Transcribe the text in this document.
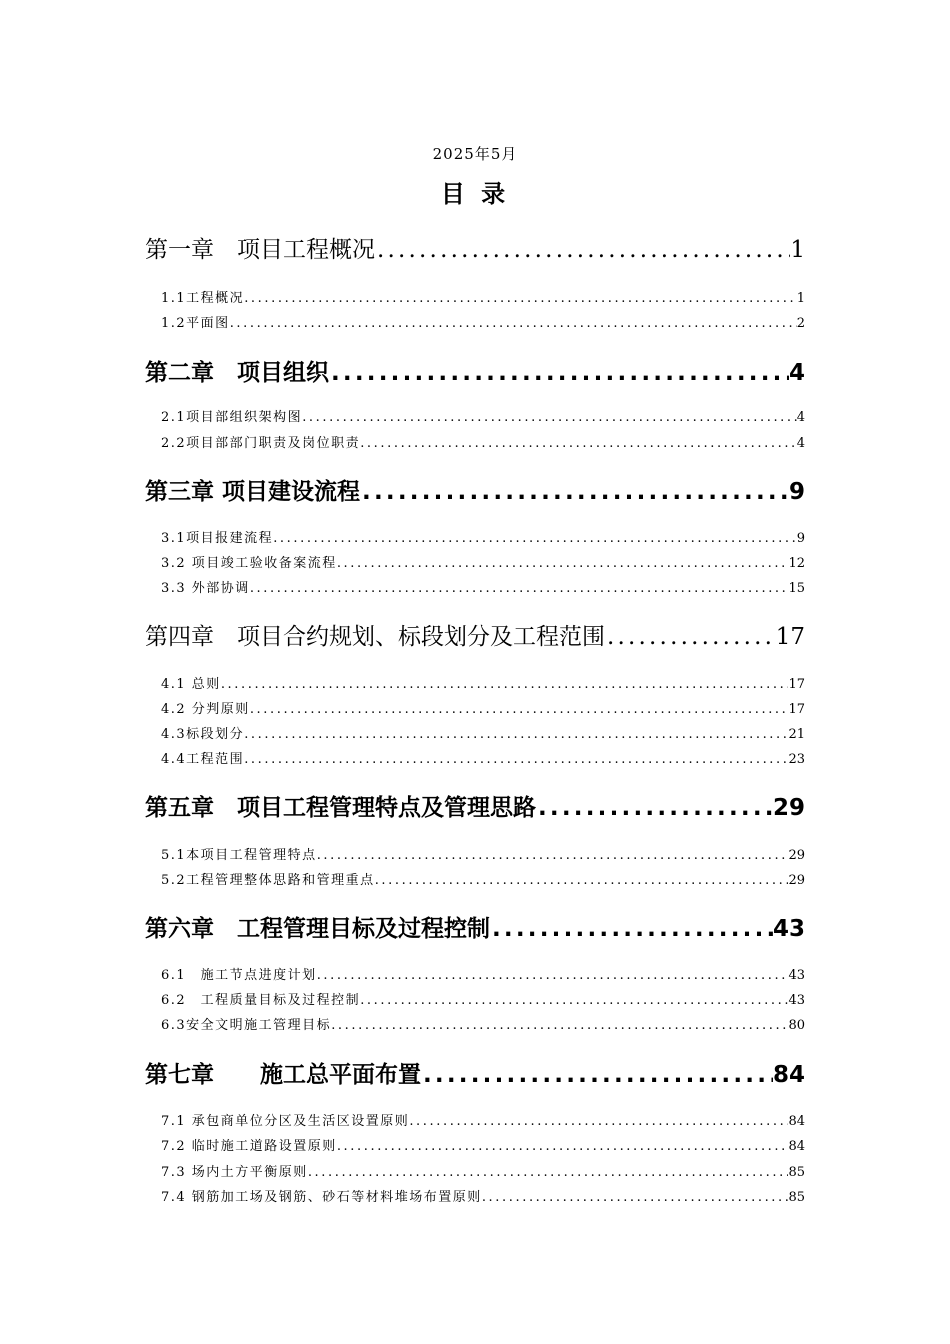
2025年5月
目 录
第一章　项目工程概况 .....	1
1.1工程概况 .....	1
1.2平面图 .....	2
第二章　项目组织 .....	4
2.1项目部组织架构图 .....	4
2.2项目部部门职责及岗位职责 .....	4
第三章 项目建设流程 .....	9
3.1项目报建流程 .....	9
3.2 项目竣工验收备案流程 .....	12
3.3 外部协调 .....	15
第四章　项目合约规划、标段划分及工程范围 .....	17
4.1 总则 .....	17
4.2 分判原则 .....	17
4.3标段划分 .....	21
4.4工程范围 .....	23
第五章　项目工程管理特点及管理思路 .....	29
5.1本项目工程管理特点 .....	29
5.2工程管理整体思路和管理重点 .....	29
第六章　工程管理目标及过程控制 .....	43
6.1　施工节点进度计划 .....	43
6.2　工程质量目标及过程控制 .....	43
6.3安全文明施工管理目标 .....	80
第七章　　施工总平面布置 .....	84
7.1 承包商单位分区及生活区设置原则 .....	84
7.2 临时施工道路设置原则 .....	84
7.3 场内土方平衡原则 .....	85
7.4 钢筋加工场及钢筋、砂石等材料堆场布置原则 .....	85
